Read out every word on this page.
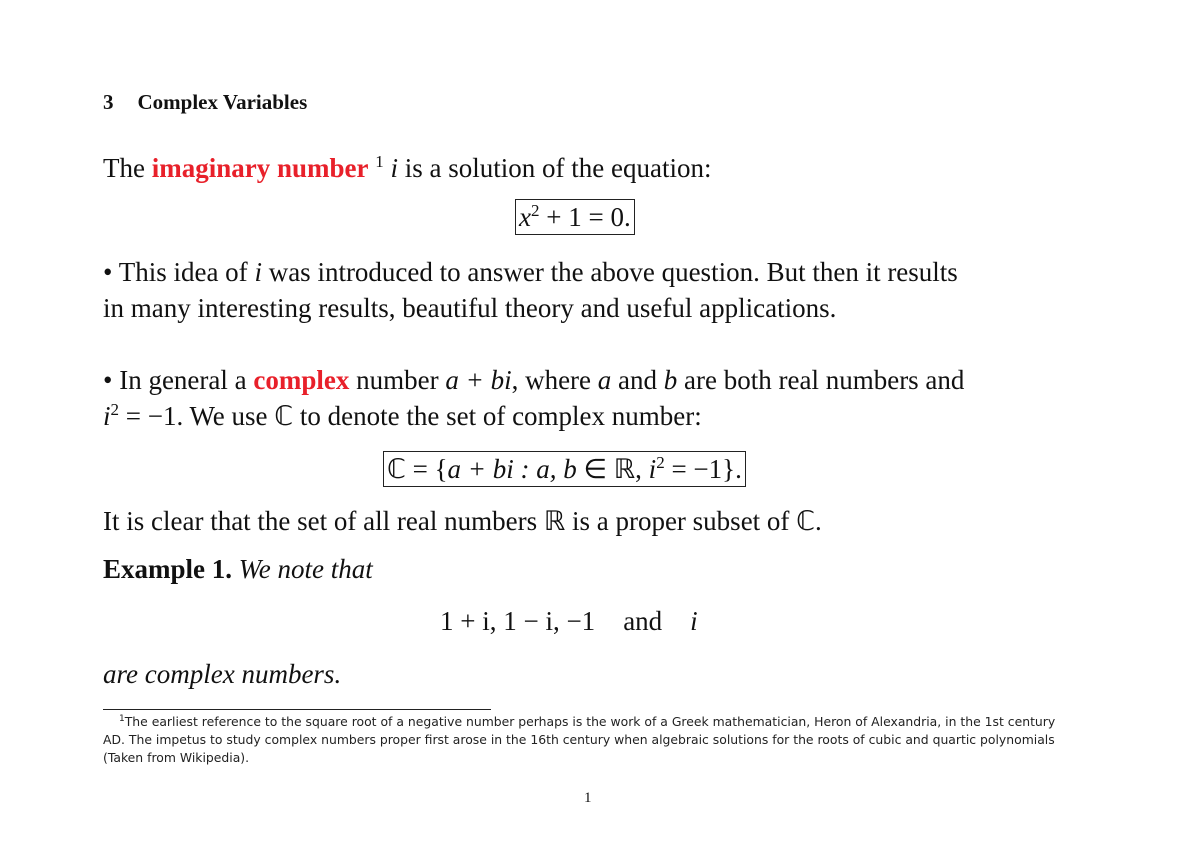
3 Complex Variables
The imaginary number $^1$ i is a solution of the equation:
$x^2 + 1 = 0$.
• This idea of i was introduced to answer the above question. But then it results
in many interesting results, beautiful theory and useful applications.
• In general a complex number a + bi, where a and b are both real numbers and
$i^2 = -1$. We use ℂ to denote the set of complex number:
ℂ = {a + bi : a, b ∈ ℝ, $i^2 = -1$}.
It is clear that the set of all real numbers ℝ is a proper subset of ℂ.
Example 1. We note that
1 + i, 1 − i, −1 and i
are complex numbers.
$^1$The earliest reference to the square root of a negative number perhaps is the work of a Greek mathematician, Heron of Alexandria, in the 1st century
AD. The impetus to study complex numbers proper first arose in the 16th century when algebraic solutions for the roots of cubic and quartic polynomials
(Taken from Wikipedia).
1
